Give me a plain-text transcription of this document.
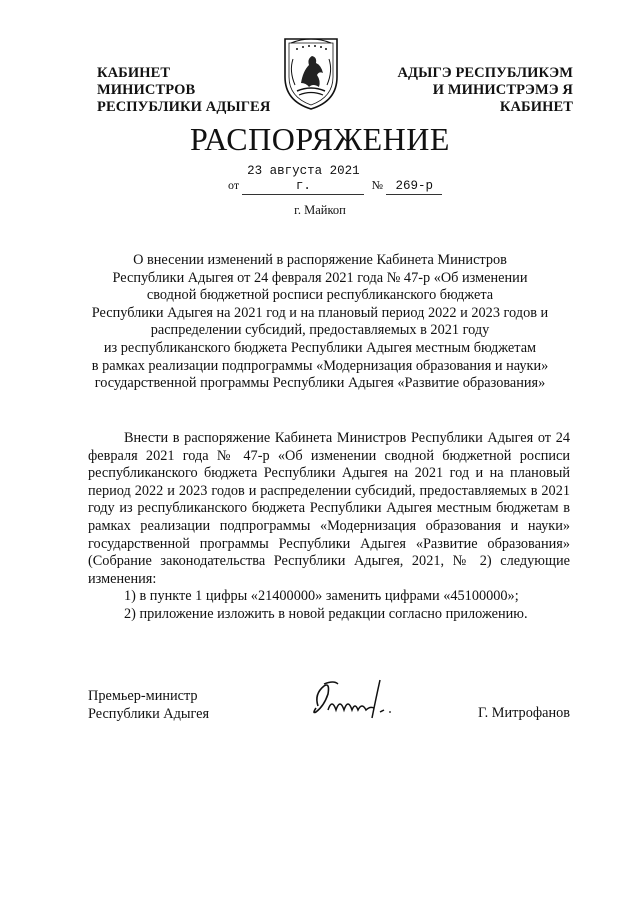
КАБИНЕТ МИНИСТРОВ
РЕСПУБЛИКИ АДЫГЕЯ
АДЫГЭ РЕСПУБЛИКЭМ
И МИНИСТРЭМЭ Я КАБИНЕТ
РАСПОРЯЖЕНИЕ
от 23 августа 2021 г.	№ 269-р
г. Майкоп
О внесении изменений в распоряжение Кабинета Министров
Республики Адыгея от 24 февраля 2021 года № 47-р «Об изменении
сводной бюджетной росписи республиканского бюджета
Республики Адыгея на 2021 год и на плановый период 2022 и 2023 годов и
распределении субсидий, предоставляемых в 2021 году
из республиканского бюджета Республики Адыгея местным бюджетам
в рамках реализации подпрограммы «Модернизация образования и науки»
государственной программы Республики Адыгея «Развитие образования»

Внести в распоряжение Кабинета Министров Республики Адыгея от 24 февраля 2021 года № 47-р «Об изменении сводной бюджетной росписи республиканского бюджета Республики Адыгея на 2021 год и на плановый период 2022 и 2023 годов и распределении субсидий, предоставляемых в 2021 году из республиканского бюджета Республики Адыгея местным бюджетам в рамках реализации подпрограммы «Модернизация образования и науки» государственной программы Республики Адыгея «Развитие образования» (Собрание законодательства Республики Адыгея, 2021, № 2) следующие изменения:

1) в пункте 1 цифры «21400000» заменить цифрами «45100000»;

2) приложение изложить в новой редакции согласно приложению.

Премьер-министр
Республики Адыгея	Г. Митрофанов
